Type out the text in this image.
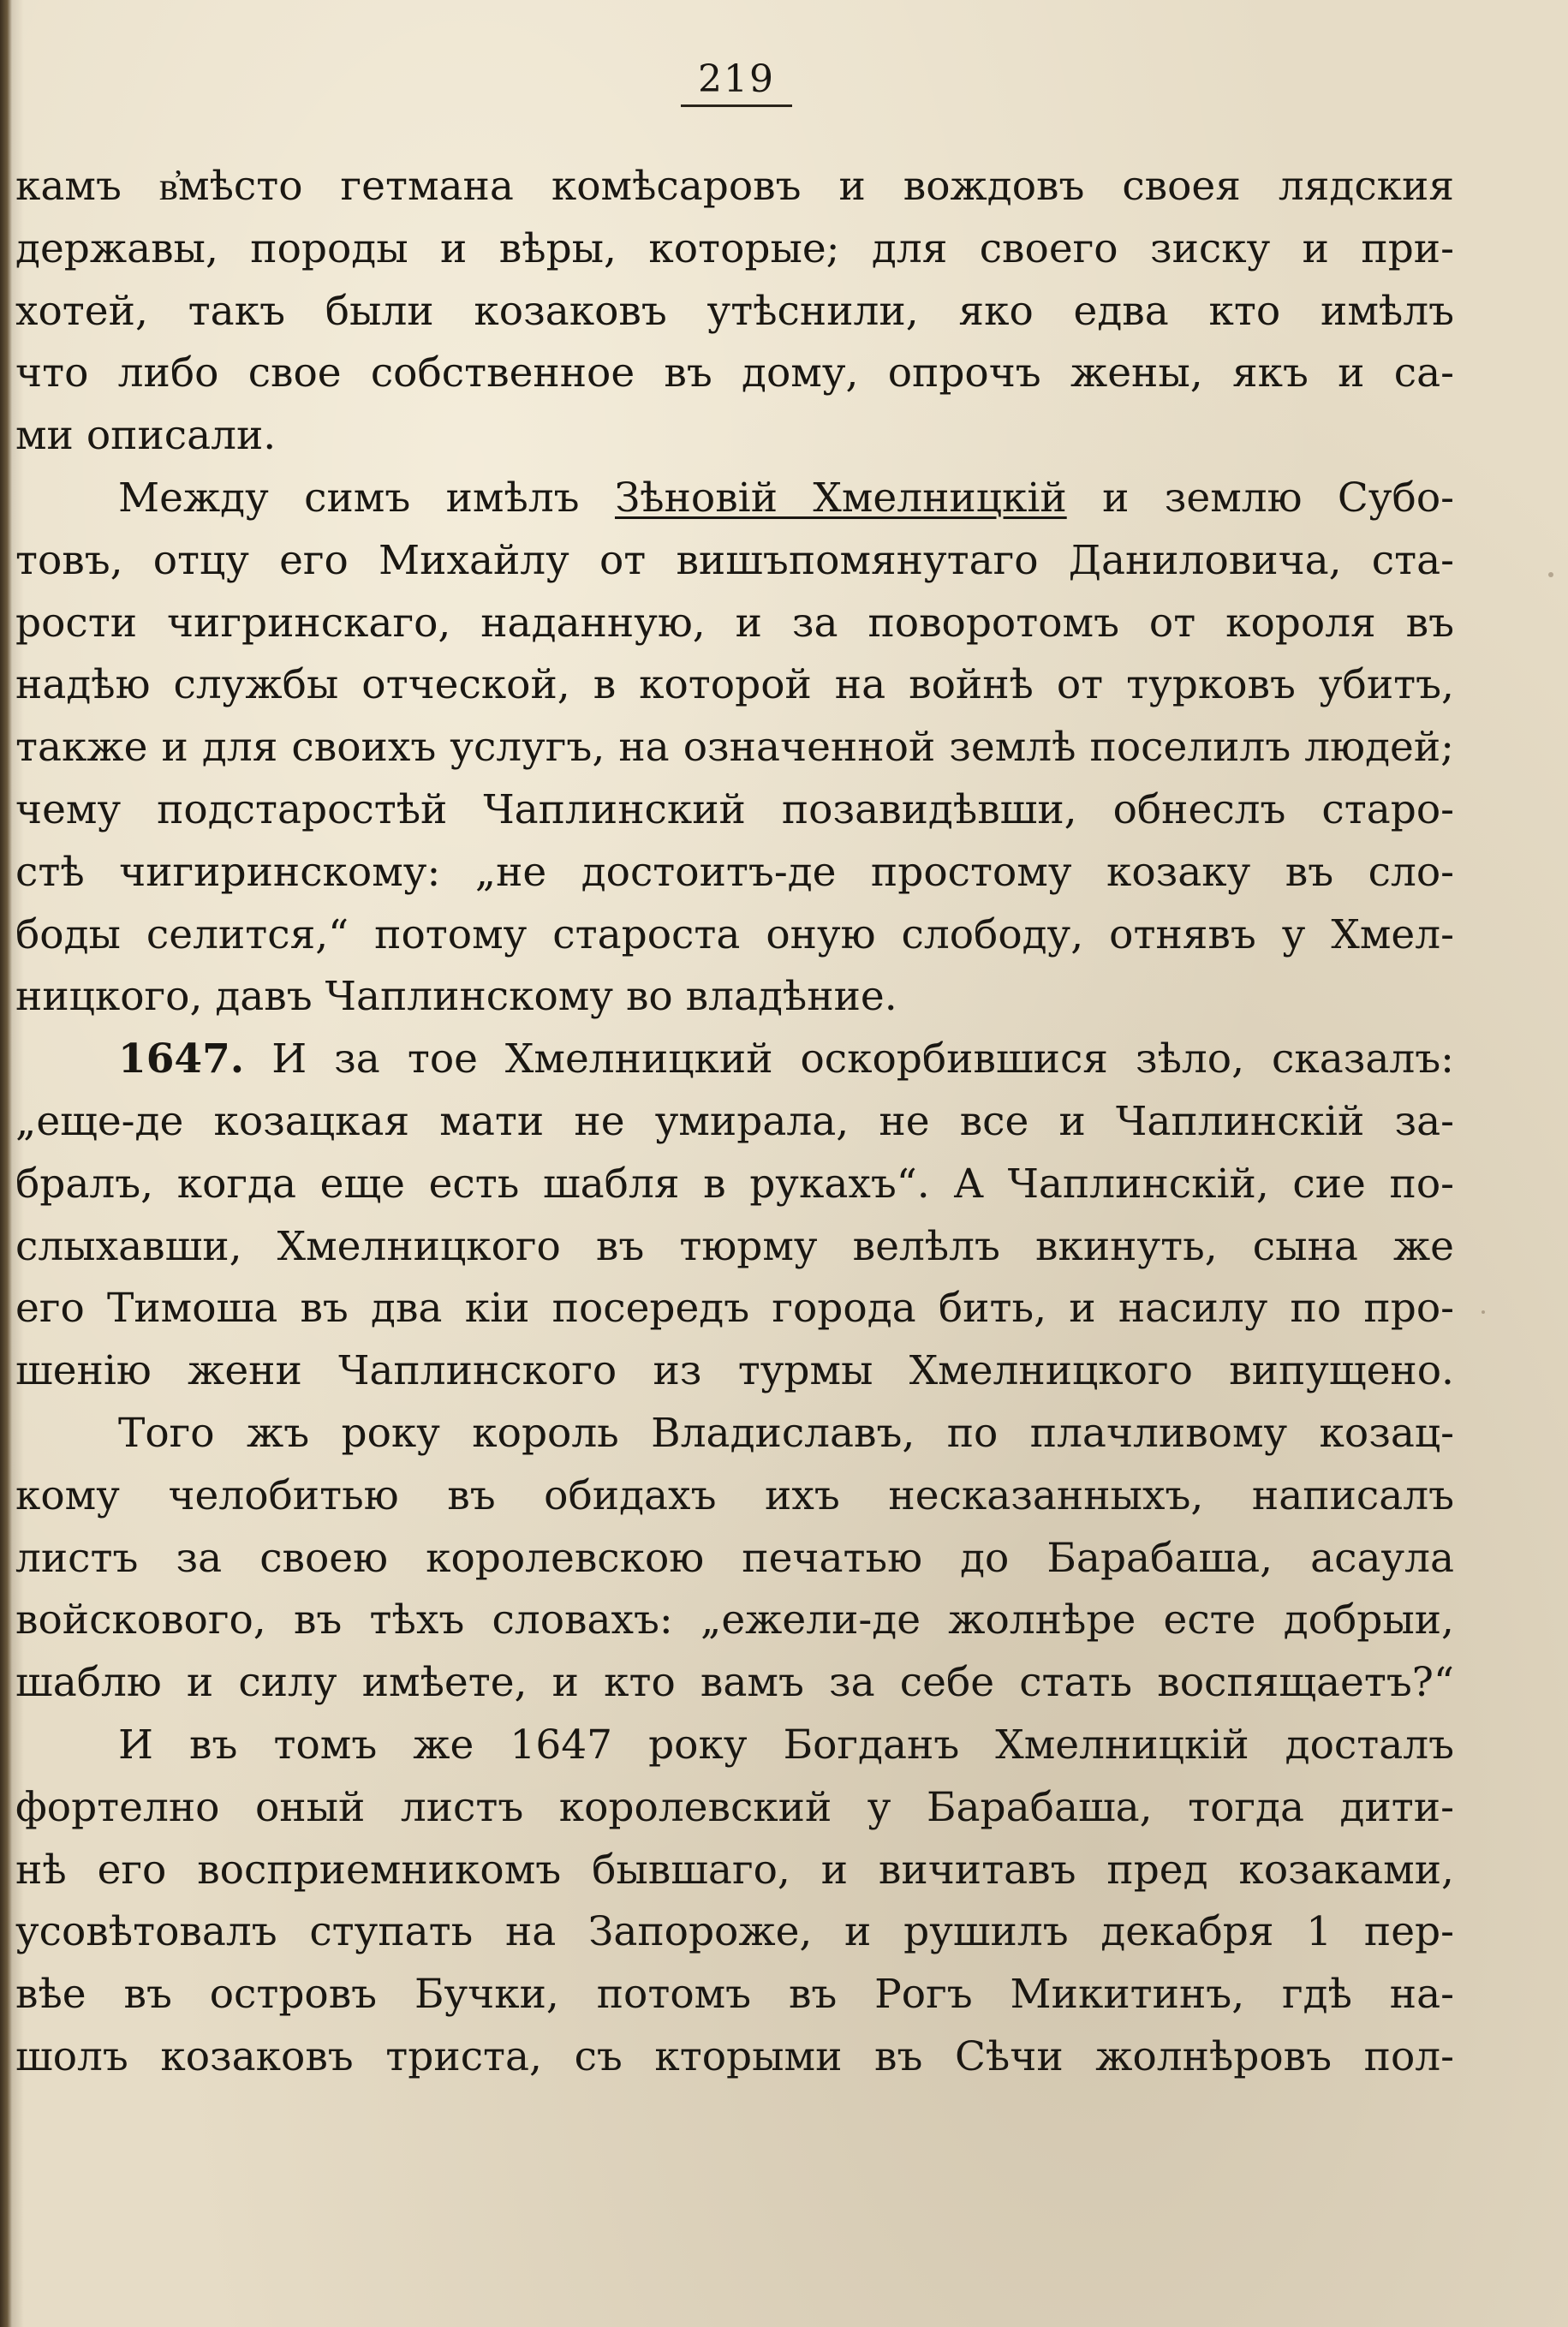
219
камъ в҆мѣсто гетмана комѣсаровъ и вождовъ своея лядския
державы, породы и вѣры, которые; для своего зиску и при-
хотей, такъ были козаковъ утѣснили, яко едва кто имѣлъ
что либо свое собственное въ дому, опрочъ жены, якъ и са-
ми описали.
Между симъ имѣлъ Зѣновій Хмелницкій и землю Субо-
товъ, отцу его Михайлу от вишъпомянутаго Даниловича, ста-
рости чигринскаго, наданную, и за поворотомъ от короля въ
надѣю службы отческой, в которой на войнѣ от турковъ убитъ,
также и для своихъ услугъ, на означенной землѣ поселилъ людей;
чему подстаростѣй Чаплинский позавидѣвши, обнеслъ старо-
стѣ чигиринскому: „не достоитъ-де простому козаку въ сло-
боды селится,“ потому староста оную слободу, отнявъ у Хмел-
ницкого, давъ Чаплинскому во владѣние.
1647. И за тое Хмелницкий оскорбившися зѣло, сказалъ:
„еще-де козацкая мати не умирала, не все и Чаплинскій за-
бралъ, когда еще есть шабля в рукахъ“. А Чаплинскій, сие по-
слыхавши, Хмелницкого въ тюрму велѣлъ вкинуть, сына же
его Тимоша въ два кіи посередъ города бить, и насилу по про-
шенію жени Чаплинского из турмы Хмелницкого випущено.
Того жъ року король Владиславъ, по плачливому козац-
кому челобитью въ обидахъ ихъ несказанныхъ, написалъ
листъ за своею королевскою печатью до Барабаша, асаула
войскового, въ тѣхъ словахъ: „ежели-де жолнѣре есте добрыи,
шаблю и силу имѣете, и кто вамъ за себе стать воспящаетъ?“
И въ томъ же 1647 року Богданъ Хмелницкій досталъ
фортелно оный листъ королевский у Барабаша, тогда дити-
нѣ его восприемникомъ бывшаго, и вичитавъ пред козаками,
усовѣтовалъ ступать на Запороже, и рушилъ декабря 1 пер-
вѣе въ островъ Бучки, потомъ въ Рогъ Микитинъ, гдѣ на-
шолъ козаковъ триста, съ кторыми въ Сѣчи жолнѣровъ пол-
